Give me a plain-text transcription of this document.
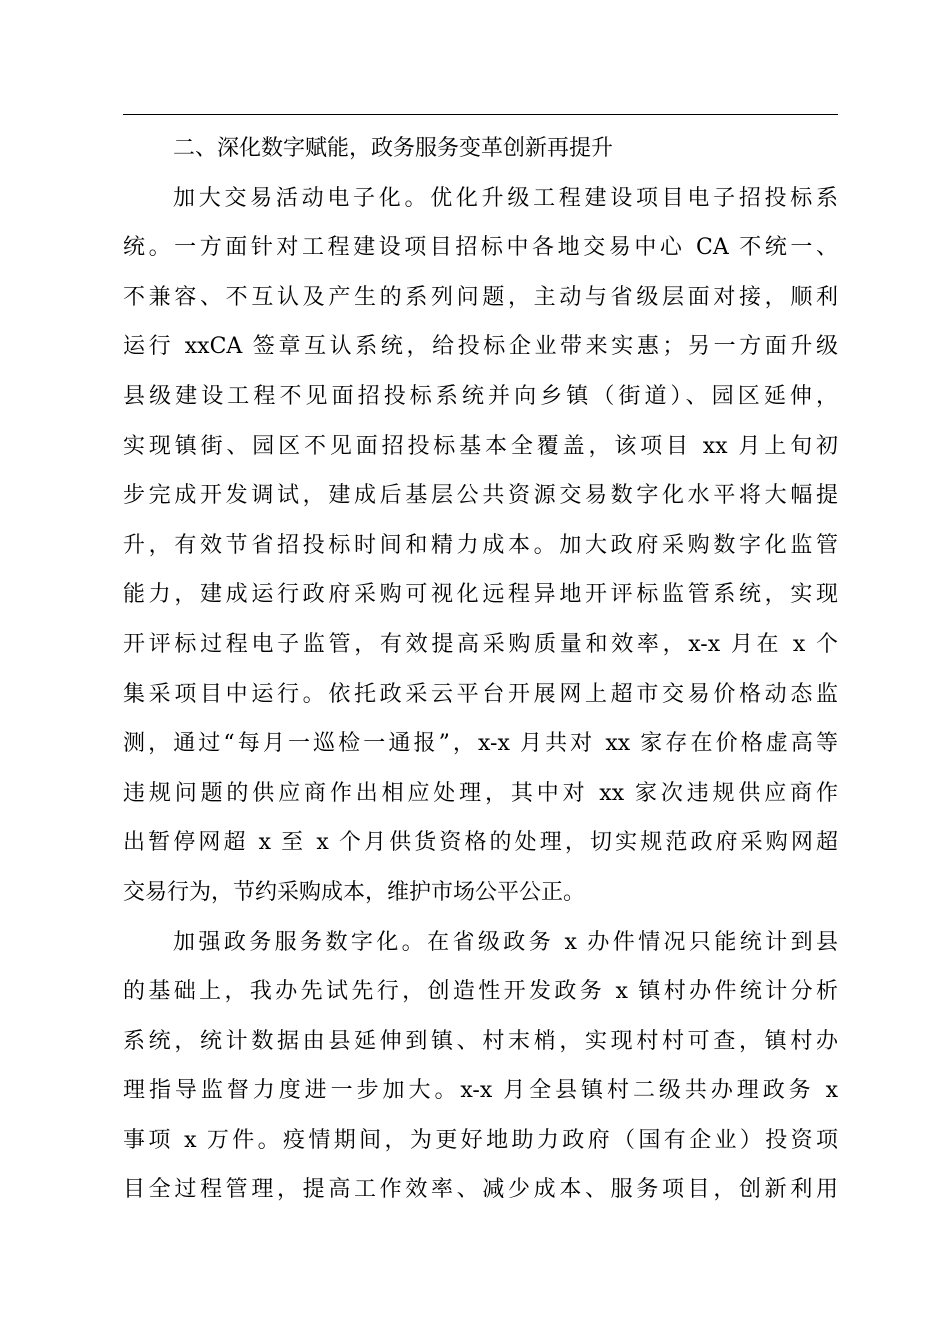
二、深化数字赋能，政务服务变革创新再提升
加大交易活动电子化。优化升级工程建设项目电子招投标系
统。一方面针对工程建设项目招标中各地交易中心 CA 不统一、
不兼容、不互认及产生的系列问题，主动与省级层面对接，顺利
运行 xxCA 签章互认系统，给投标企业带来实惠；另一方面升级
县级建设工程不见面招投标系统并向乡镇（街道）、园区延伸，
实现镇街、园区不见面招投标基本全覆盖，该项目 xx 月上旬初
步完成开发调试，建成后基层公共资源交易数字化水平将大幅提
升，有效节省招投标时间和精力成本。加大政府采购数字化监管
能力，建成运行政府采购可视化远程异地开评标监管系统，实现
开评标过程电子监管，有效提高采购质量和效率，x-x 月在 x 个
集采项目中运行。依托政采云平台开展网上超市交易价格动态监
测，通过“每月一巡检一通报”，x-x 月共对 xx 家存在价格虚高等
违规问题的供应商作出相应处理，其中对 xx 家次违规供应商作
出暂停网超 x 至 x 个月供货资格的处理，切实规范政府采购网超
交易行为，节约采购成本，维护市场公平公正。
加强政务服务数字化。在省级政务 x 办件情况只能统计到县
的基础上，我办先试先行，创造性开发政务 x 镇村办件统计分析
系统，统计数据由县延伸到镇、村末梢，实现村村可查，镇村办
理指导监督力度进一步加大。x-x 月全县镇村二级共办理政务 x
事项 x 万件。疫情期间，为更好地助力政府（国有企业）投资项
目全过程管理，提高工作效率、减少成本、服务项目，创新利用
